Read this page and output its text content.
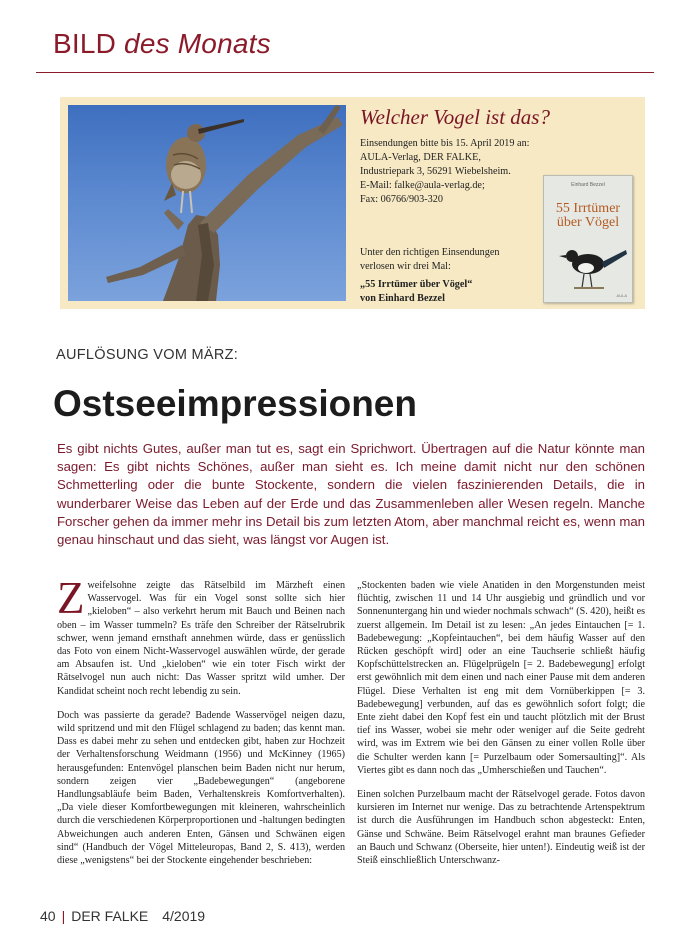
BILD des Monats
Welcher Vogel ist das?
Einsendungen bitte bis 15. April 2019 an:
AULA-Verlag, DER FALKE,
Industriepark 3, 56291 Wiebelsheim.
E-Mail: falke@aula-verlag.de;
Fax: 06766/903-320
Unter den richtigen Einsendungen
verlosen wir drei Mal:
„55 Irrtümer über Vögel“
von Einhard Bezzel
Einhard Bezzel
55 Irrtümer
über Vögel
AULA
AUFLÖSUNG VOM MÄRZ:
Ostseeimpressionen
Es gibt nichts Gutes, außer man tut es, sagt ein Sprichwort. Übertragen auf die Natur könnte man sagen: Es gibt nichts Schönes, außer man sieht es. Ich meine damit nicht nur den schönen Schmetterling oder die bunte Stockente, sondern die vielen faszinierenden Details, die in wunderbarer Weise das Leben auf der Erde und das Zusammenleben aller Wesen regeln. Manche Forscher gehen da immer mehr ins Detail bis zum letzten Atom, aber manchmal reicht es, wenn man genau hinschaut und das sieht, was längst vor Augen ist.

Zweifelsohne zeigte das Rätselbild im Märzheft einen Wasservogel. Was für ein Vogel sonst sollte sich hier „kieloben“ – also verkehrt herum mit Bauch und Beinen nach oben – im Wasser tummeln? Es träfe den Schreiber der Rätselrubrik schwer, wenn jemand ernsthaft annehmen würde, dass er genüsslich das Foto von einem Nicht-Wasservogel auswählen würde, der gerade am Absaufen ist. Und „kieloben“ wie ein toter Fisch wirkt der Rätselvogel nun auch nicht: Das Wasser spritzt wild umher. Der Kandidat scheint noch recht lebendig zu sein.

Doch was passierte da gerade? Badende Wasservögel neigen dazu, wild spritzend und mit den Flügel schlagend zu baden; das kennt man. Dass es dabei mehr zu sehen und entdecken gibt, haben zur Hochzeit der Verhaltensforschung Weidmann (1956) und McKinney (1965) herausgefunden: Entenvögel planschen beim Baden nicht nur herum, sondern zeigen vier „Badebewegungen“ (angeborene Handlungsabläufe beim Baden, Verhaltenskreis Komfortverhalten). „Da viele dieser Komfortbewegungen mit kleineren, wahrscheinlich durch die verschiedenen Körperproportionen und -haltungen bedingten Abweichungen auch anderen Enten, Gänsen und Schwänen eigen sind“ (Handbuch der Vögel Mitteleuropas, Band 2, S. 413), werden diese „wenigstens“ bei der Stockente eingehender beschrieben:

„Stockenten baden wie viele Anatiden in den Morgenstunden meist flüchtig, zwischen 11 und 14 Uhr ausgiebig und gründlich und vor Sonnenuntergang hin und wieder nochmals schwach“ (S. 420), heißt es zuerst allgemein. Im Detail ist zu lesen: „An jedes Eintauchen [= 1. Badebewegung: „Kopfeintauchen“, bei dem häufig Wasser auf den Rücken geschöpft wird] oder an eine Tauchserie schließt häufig Kopfschüttelstrecken an. Flügelprügeln [= 2. Badebewegung] erfolgt erst gewöhnlich mit dem einen und nach einer Pause mit dem anderen Flügel. Diese Verhalten ist eng mit dem Vornüberkippen [= 3. Badebewegung] verbunden, auf das es gewöhnlich sofort folgt; die Ente zieht dabei den Kopf fest ein und taucht plötzlich mit der Brust tief ins Wasser, wobei sie mehr oder weniger auf die Seite gedreht wird, was im Extrem wie bei den Gänsen zu einer vollen Rolle über die Schulter werden kann [= Purzelbaum oder Somersaulting]“. Als Viertes gibt es dann noch das „Umherschießen und Tauchen“.

Einen solchen Purzelbaum macht der Rätselvogel gerade. Fotos davon kursieren im Internet nur wenige. Das zu betrachtende Artenspektrum ist durch die Ausführungen im Handbuch schon abgesteckt: Enten, Gänse und Schwäne. Beim Rätselvogel erahnt man braunes Gefieder an Bauch und Schwanz (Oberseite, hier unten!). Eindeutig weiß ist der Steiß einschließlich Unterschwanz-

40 | DER FALKE 4/2019
